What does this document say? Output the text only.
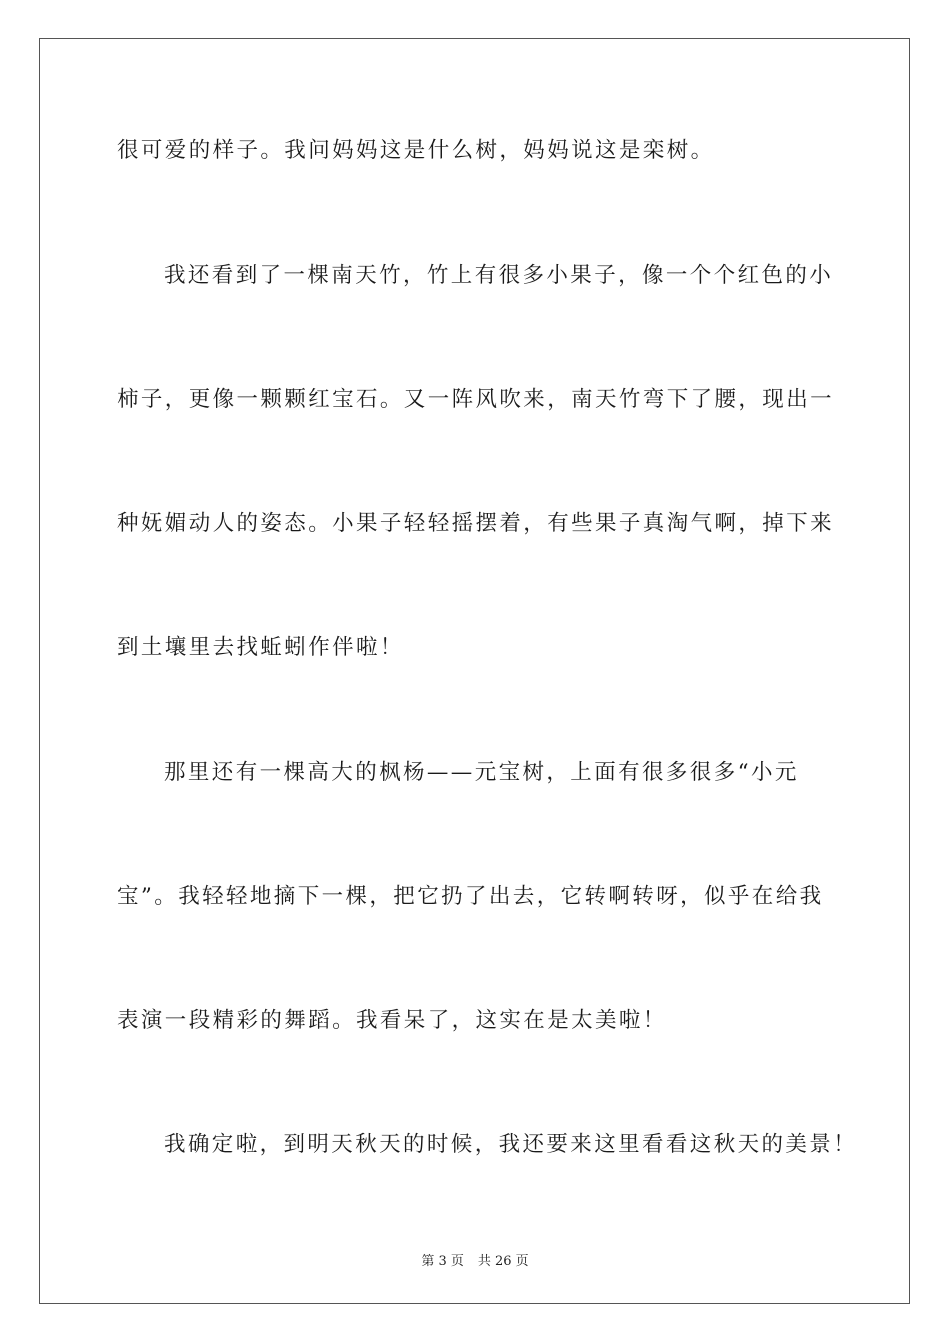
很可爱的样子。我问妈妈这是什么树，妈妈说这是栾树。
我还看到了一棵南天竹，竹上有很多小果子，像一个个红色的小
柿子，更像一颗颗红宝石。又一阵风吹来，南天竹弯下了腰，现出一
种妩媚动人的姿态。小果子轻轻摇摆着，有些果子真淘气啊，掉下来
到土壤里去找蚯蚓作伴啦！
那里还有一棵高大的枫杨——元宝树，上面有很多很多“小元
宝”。我轻轻地摘下一棵，把它扔了出去，它转啊转呀，似乎在给我
表演一段精彩的舞蹈。我看呆了，这实在是太美啦！
我确定啦，到明天秋天的时候，我还要来这里看看这秋天的美景！
第 3 页 共 26 页
